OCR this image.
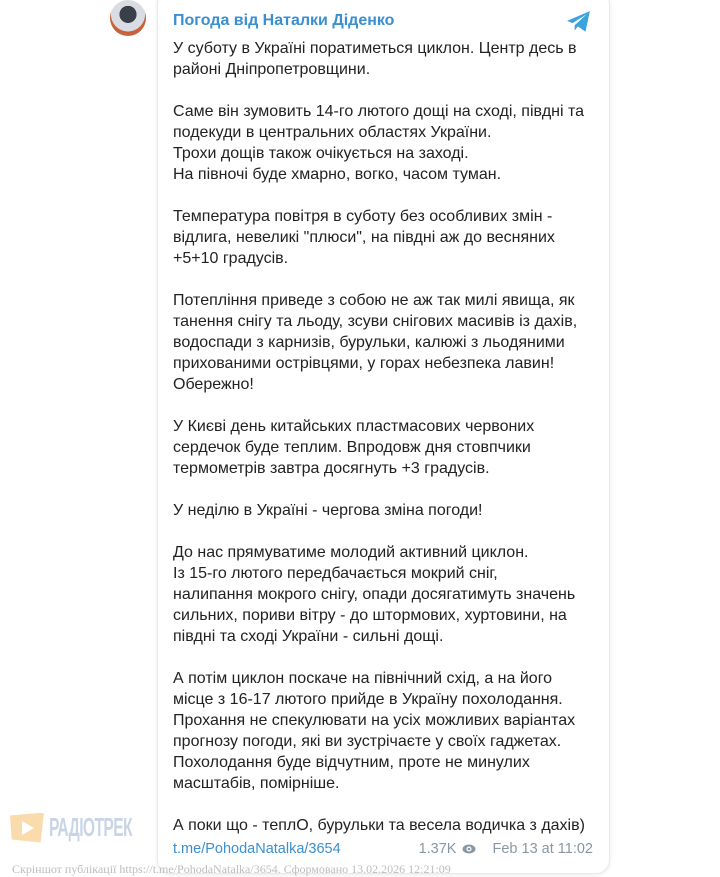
Погода від Наталки Діденко
У суботу в Україні поратиметься циклон. Центр десь в
районі Дніпропетровщини.
Саме він зумовить 14-го лютого дощі на сході, півдні та
подекуди в центральних областях України.
Трохи дощів також очікується на заході.
На півночі буде хмарно, вогко, часом туман.
Температура повітря в суботу без особливих змін -
відлига, невеликі "плюси", на півдні аж до весняних
+5+10 градусів.
Потепління приведе з собою не аж так милі явища, як
танення снігу та льоду, зсуви снігових масивів із дахів,
водоспади з карнизів, бурульки, калюжі з льодяними
прихованими острівцями, у горах небезпека лавин!
Обережно!
У Києві день китайських пластмасових червоних
сердечок буде теплим. Впродовж дня стовпчики
термометрів завтра досягнуть +3 градусів.
У неділю в Україні - чергова зміна погоди!
До нас прямуватиме молодий активний циклон.
Із 15-го лютого передбачається мокрий сніг,
налипання мокрого снігу, опади досягатимуть значень
сильних, пориви вітру - до штормових, хуртовини, на
півдні та сході України - сильні дощі.
А потім циклон поскаче на північний схід, а на його
місце з 16-17 лютого прийде в Україну похолодання.
Прохання не спекулювати на усіх можливих варіантах
прогнозу погоди, які ви зустрічаєте у своїх гаджетах.
Похолодання буде відчутним, проте не минулих
масштабів, помірніше.
А поки що - теплО, бурульки та весела водичка з дахів)
t.me/PohodaNatalka/3654	1.37K Feb 13 at 11:02
РАДІОТРЕК
Скріншот публікації https://t.me/PohodaNatalka/3654. Сформовано 13.02.2026 12:21:09
